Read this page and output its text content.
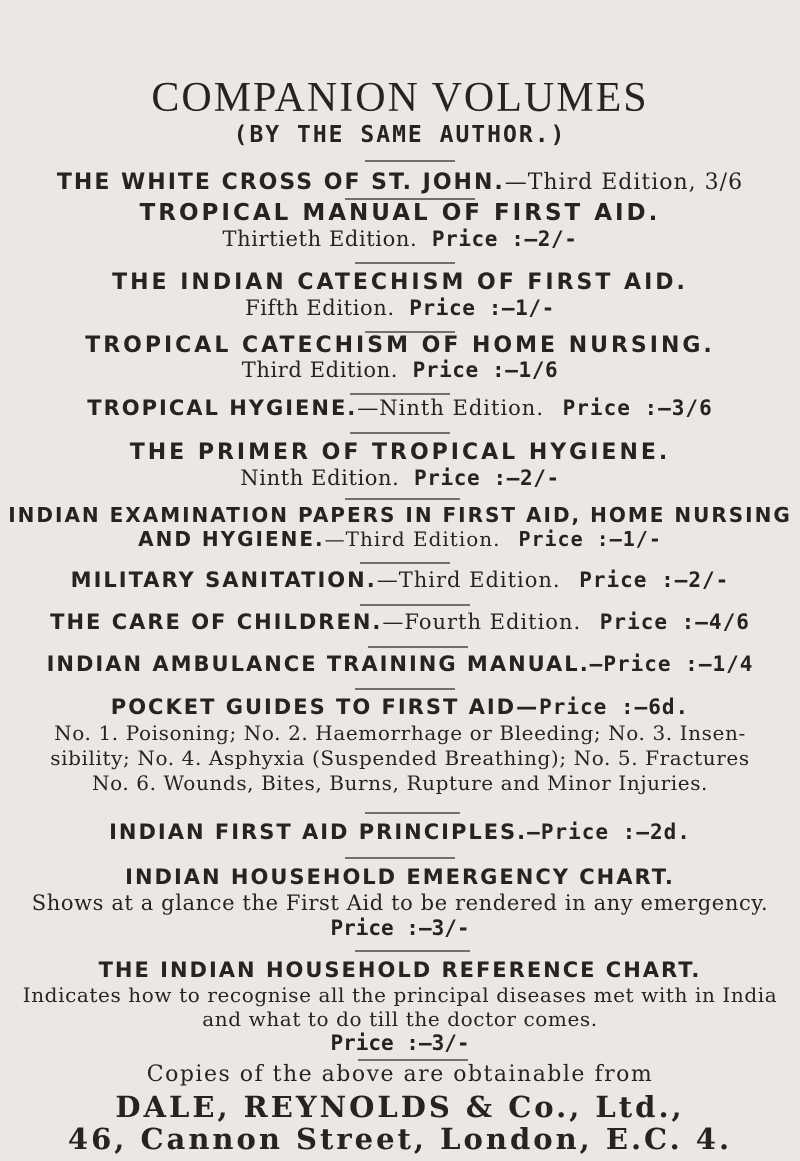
COMPANION VOLUMES
(BY THE SAME AUTHOR.)
THE WHITE CROSS OF ST. JOHN.—Third Edition, 3/6
TROPICAL MANUAL OF FIRST AID.
Thirtieth Edition. Price :—2/-
THE INDIAN CATECHISM OF FIRST AID.
Fifth Edition. Price :—1/-
TROPICAL CATECHISM OF HOME NURSING.
Third Edition. Price :—1/6
TROPICAL HYGIENE.—Ninth Edition. Price :—3/6
THE PRIMER OF TROPICAL HYGIENE.
Ninth Edition. Price :—2/-
INDIAN EXAMINATION PAPERS IN FIRST AID, HOME NURSING
AND HYGIENE.—Third Edition. Price :—1/-
MILITARY SANITATION.—Third Edition. Price :—2/-
THE CARE OF CHILDREN.—Fourth Edition. Price :—4/6
INDIAN AMBULANCE TRAINING MANUAL.—Price :—1/4
POCKET GUIDES TO FIRST AID—Price :—6d.
No. 1. Poisoning; No. 2. Haemorrhage or Bleeding; No. 3. Insen-
sibility; No. 4. Asphyxia (Suspended Breathing); No. 5. Fractures
No. 6. Wounds, Bites, Burns, Rupture and Minor Injuries.
INDIAN FIRST AID PRINCIPLES.—Price :—2d.
INDIAN HOUSEHOLD EMERGENCY CHART.
Shows at a glance the First Aid to be rendered in any emergency.
Price :—3/-
THE INDIAN HOUSEHOLD REFERENCE CHART.
Indicates how to recognise all the principal diseases met with in India
and what to do till the doctor comes.
Price :—3/-
Copies of the above are obtainable from
DALE, REYNOLDS & Co., Ltd.,
46, Cannon Street, London, E.C. 4.
